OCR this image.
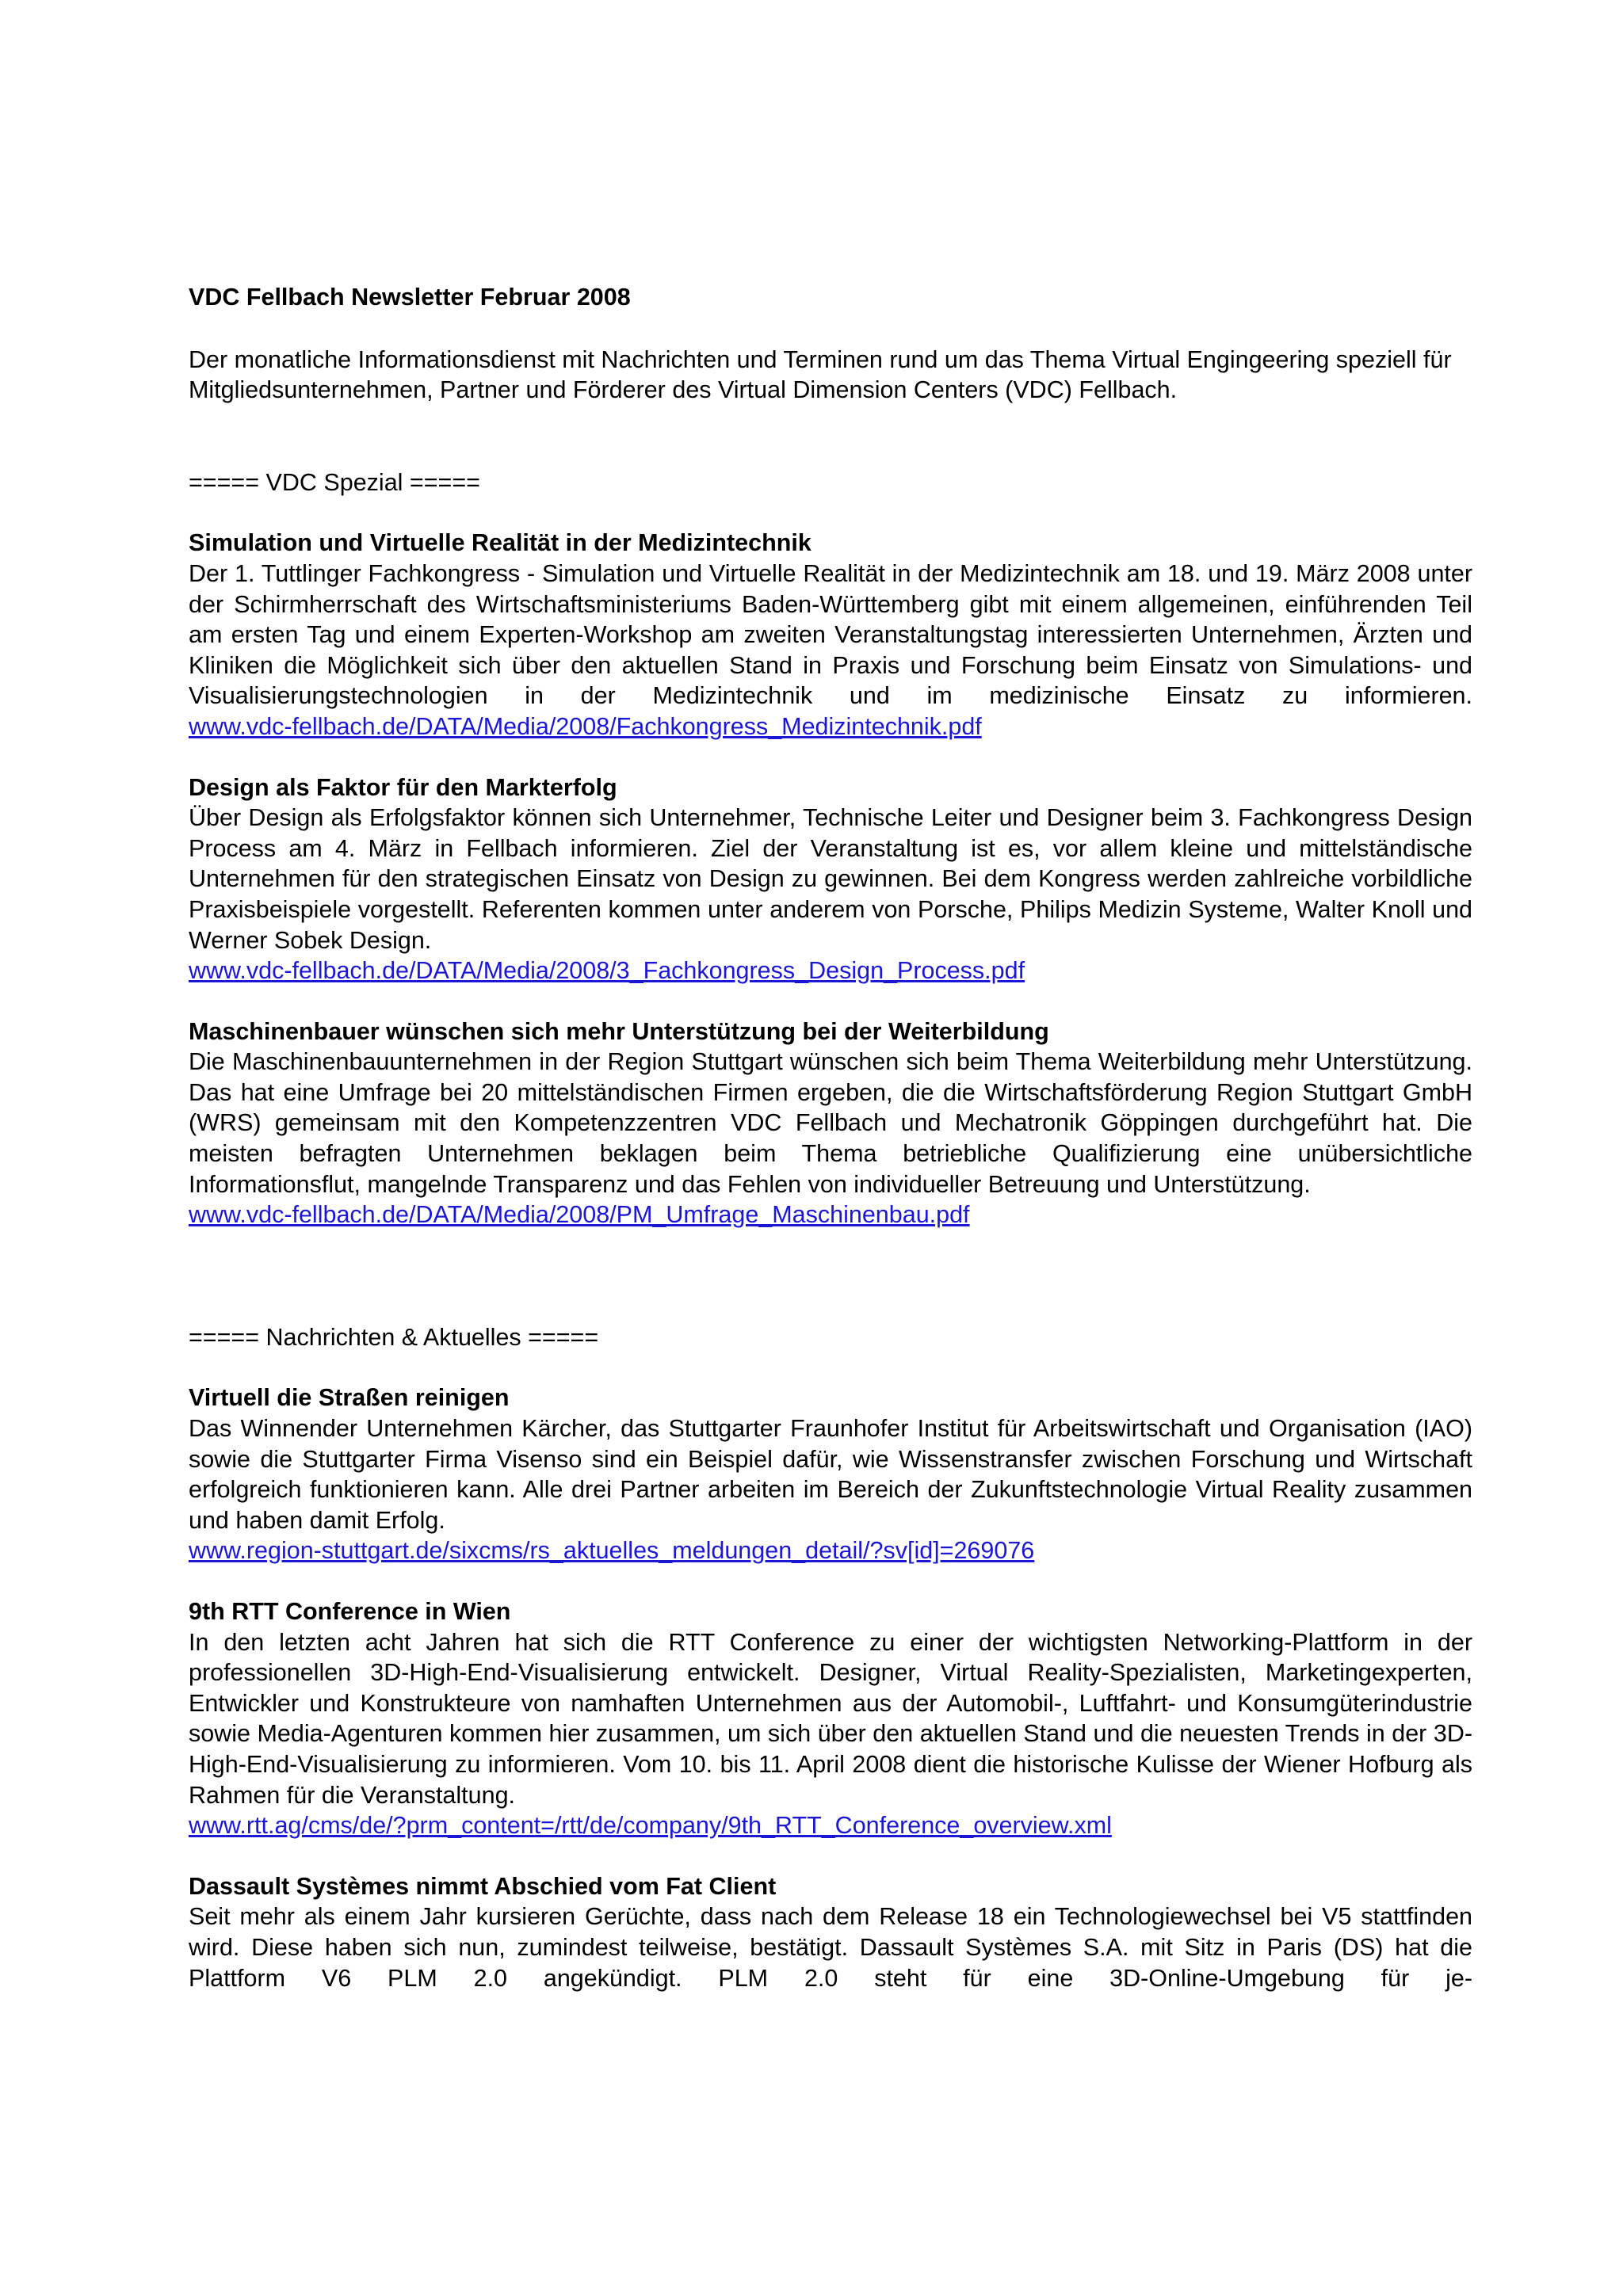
VDC Fellbach Newsletter Februar 2008

Der monatliche Informationsdienst mit Nachrichten und Terminen rund um das Thema Virtual Engingeering speziell für Mitgliedsunternehmen, Partner und Förderer des Virtual Dimension Centers (VDC) Fellbach.

===== VDC Spezial =====

Simulation und Virtuelle Realität in der Medizintechnik

Der 1. Tuttlinger Fachkongress - Simulation und Virtuelle Realität in der Medizintechnik am 18. und 19. März 2008 unter der Schirmherrschaft des Wirtschaftsministeriums Baden-Württemberg gibt mit einem allgemeinen, einführenden Teil am ersten Tag und einem Experten-Workshop am zweiten Veranstaltungstag interessierten Unternehmen, Ärzten und Kliniken die Möglichkeit sich über den aktuellen Stand in Praxis und Forschung beim Einsatz von Simulations- und Visualisierungstechnologien in der Medizintechnik und im medizinische Einsatz zu informieren.

www.vdc-fellbach.de/DATA/Media/2008/Fachkongress_Medizintechnik.pdf
Design als Faktor für den Markterfolg

Über Design als Erfolgsfaktor können sich Unternehmer, Technische Leiter und Designer beim 3. Fachkongress Design Process am 4. März in Fellbach informieren. Ziel der Veranstaltung ist es, vor allem kleine und mittelständische Unternehmen für den strategischen Einsatz von Design zu gewinnen. Bei dem Kongress werden zahlreiche vorbildliche Praxisbeispiele vorgestellt. Referenten kommen unter anderem von Porsche, Philips Medizin Systeme, Walter Knoll und Werner Sobek Design.

www.vdc-fellbach.de/DATA/Media/2008/3_Fachkongress_Design_Process.pdf
Maschinenbauer wünschen sich mehr Unterstützung bei der Weiterbildung

Die Maschinenbauunternehmen in der Region Stuttgart wünschen sich beim Thema Weiterbildung mehr Unterstützung. Das hat eine Umfrage bei 20 mittelständischen Firmen ergeben, die die Wirtschaftsförderung Region Stuttgart GmbH (WRS) gemeinsam mit den Kompetenzzentren VDC Fellbach und Mechatronik Göppingen durchgeführt hat. Die meisten befragten Unternehmen beklagen beim Thema betriebliche Qualifizierung eine unübersichtliche Informationsflut, mangelnde Transparenz und das Fehlen von individueller Betreuung und Unterstützung.

www.vdc-fellbach.de/DATA/Media/2008/PM_Umfrage_Maschinenbau.pdf

===== Nachrichten & Aktuelles =====

Virtuell die Straßen reinigen

Das Winnender Unternehmen Kärcher, das Stuttgarter Fraunhofer Institut für Arbeitswirtschaft und Organisation (IAO) sowie die Stuttgarter Firma Visenso sind ein Beispiel dafür, wie Wissenstransfer zwischen Forschung und Wirtschaft erfolgreich funktionieren kann. Alle drei Partner arbeiten im Bereich der Zukunftstechnologie Virtual Reality zusammen und haben damit Erfolg.

www.region-stuttgart.de/sixcms/rs_aktuelles_meldungen_detail/?sv[id]=269076
9th RTT Conference in Wien

In den letzten acht Jahren hat sich die RTT Conference zu einer der wichtigsten Networking-Plattform in der professionellen 3D-High-End-Visualisierung entwickelt. Designer, Virtual Reality-Spezialisten, Marketingexperten, Entwickler und Konstrukteure von namhaften Unternehmen aus der Automobil-, Luftfahrt- und Konsumgüterindustrie sowie Media-Agenturen kommen hier zusammen, um sich über den aktuellen Stand und die neuesten Trends in der 3D-High-End-Visualisierung zu informieren. Vom 10. bis 11. April 2008 dient die historische Kulisse der Wiener Hofburg als Rahmen für die Veranstaltung.

www.rtt.ag/cms/de/?prm_content=/rtt/de/company/9th_RTT_Conference_overview.xml
Dassault Systèmes nimmt Abschied vom Fat Client

Seit mehr als einem Jahr kursieren Gerüchte, dass nach dem Release 18 ein Technologiewechsel bei V5 stattfinden wird. Diese haben sich nun, zumindest teilweise, bestätigt. Dassault Systèmes S.A. mit Sitz in Paris (DS) hat die Plattform V6 PLM 2.0 angekündigt. PLM 2.0 steht für eine 3D-Online-Umgebung für je-
